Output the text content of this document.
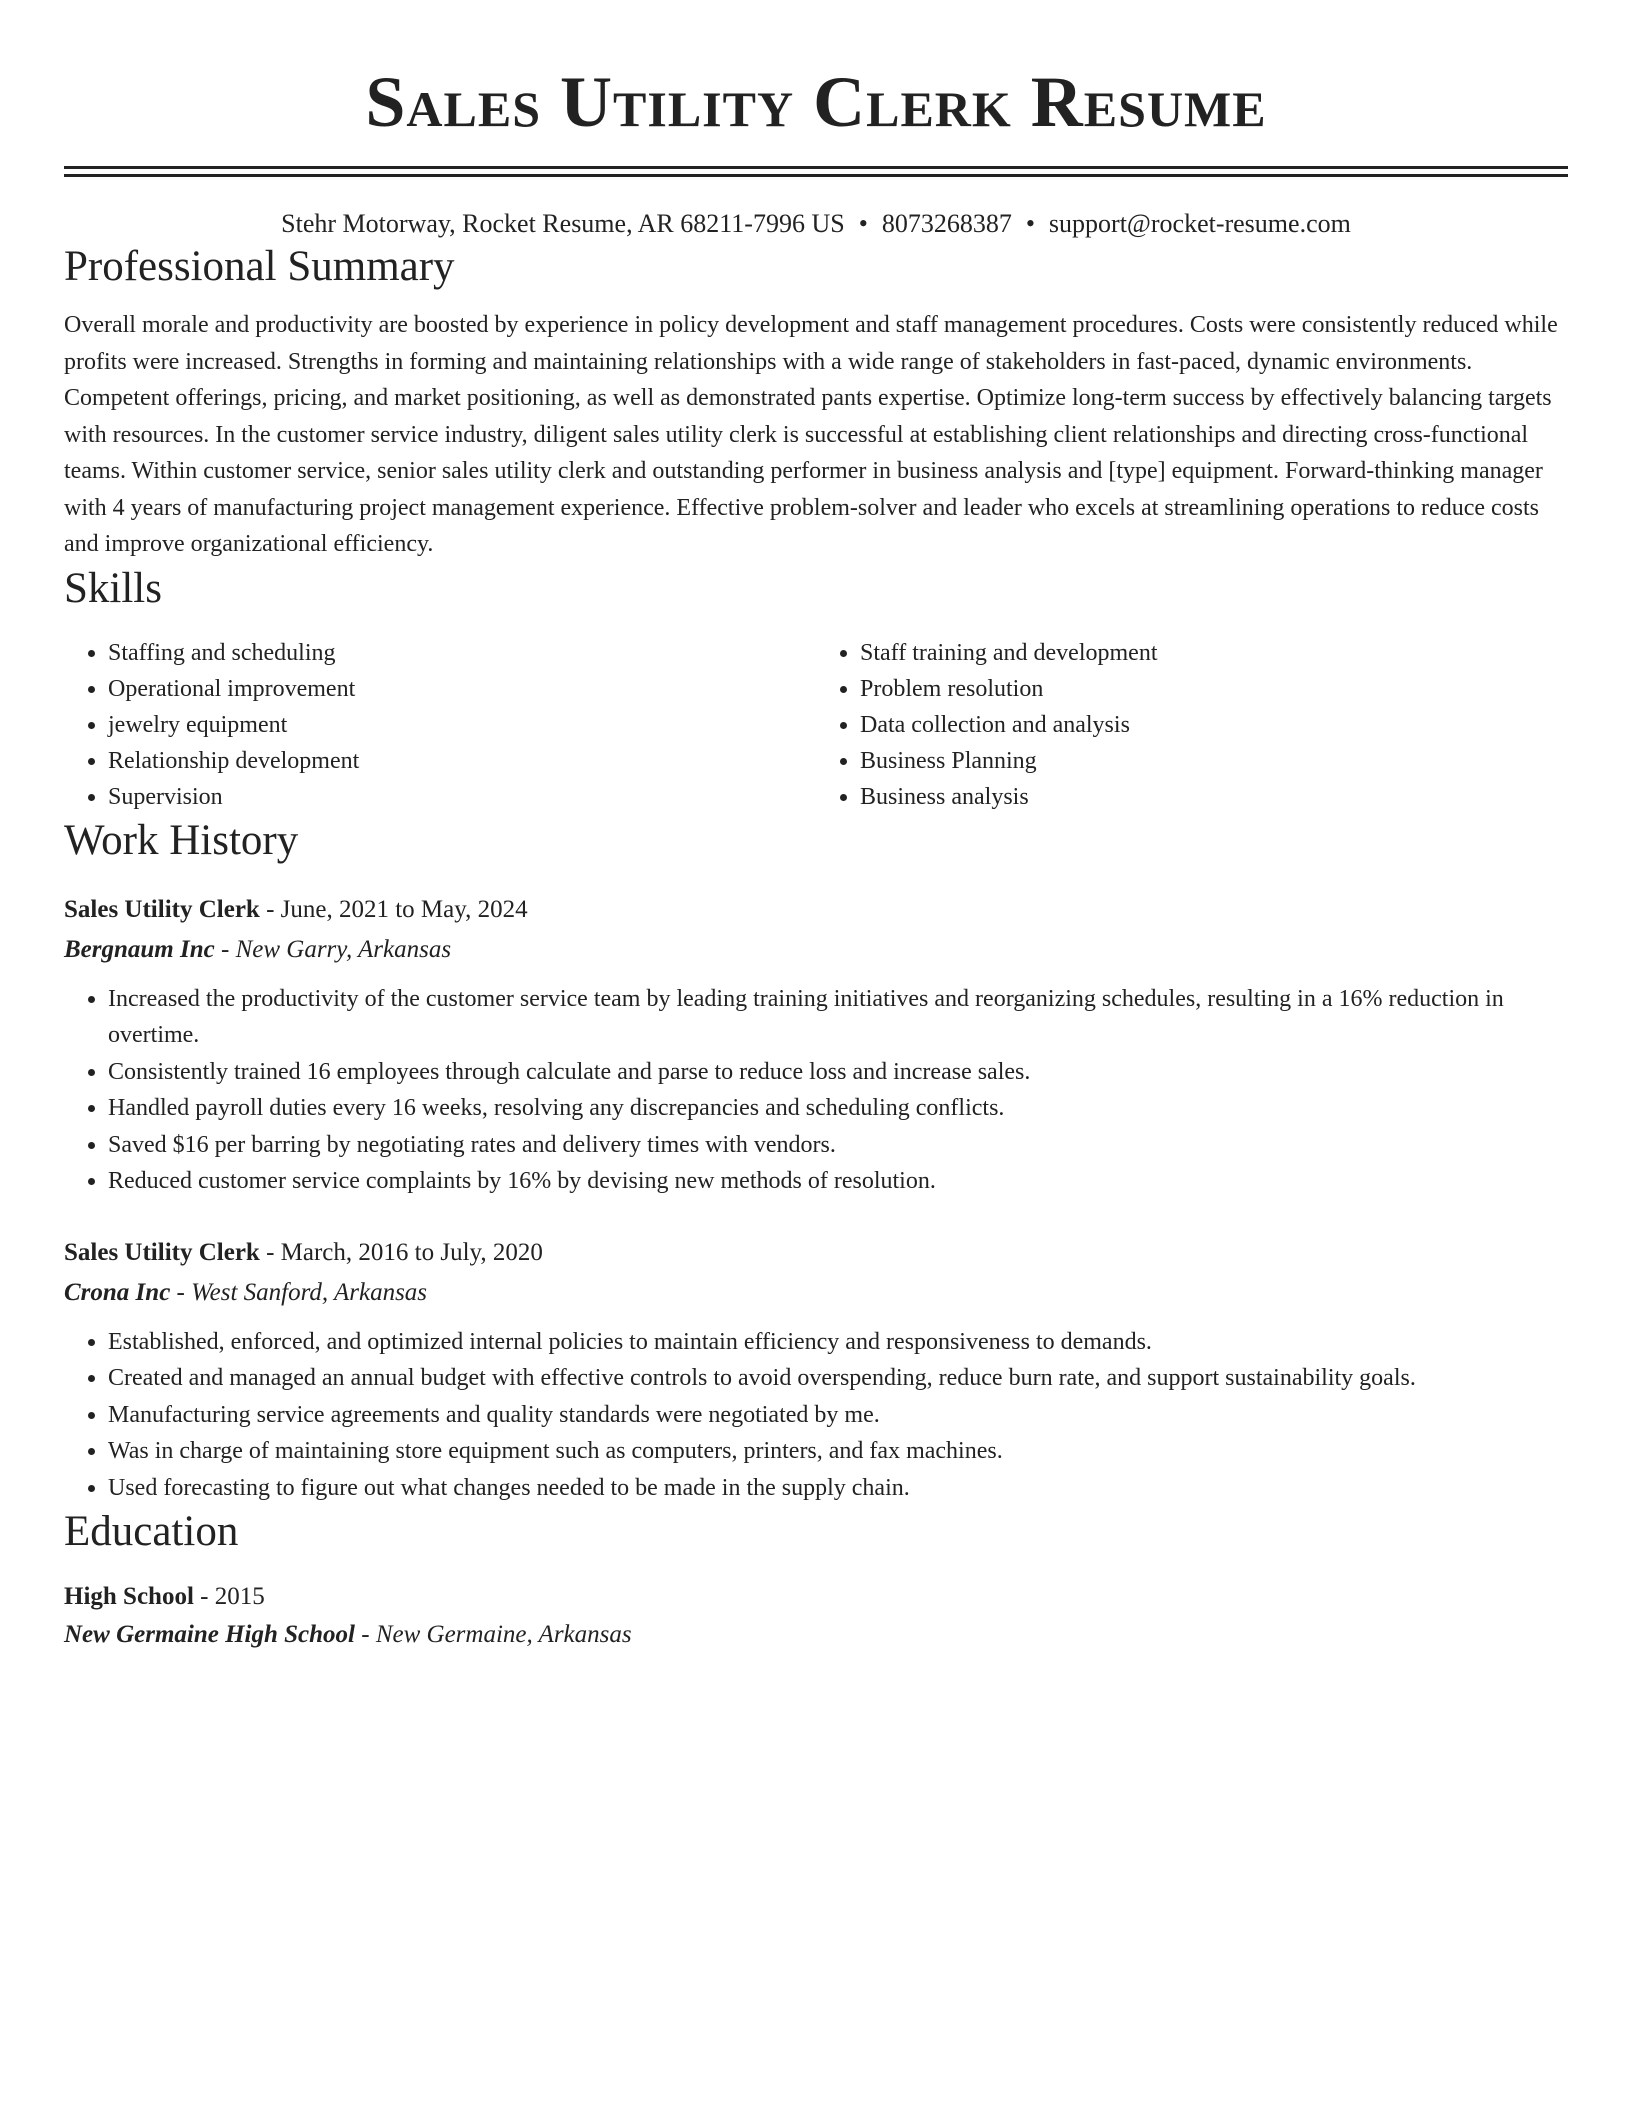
Sales Utility Clerk Resume
Stehr Motorway, Rocket Resume, AR 68211-7996 US • 8073268387 • support@rocket-resume.com
Professional Summary

Overall morale and productivity are boosted by experience in policy development and staff management procedures. Costs were consistently reduced while profits were increased. Strengths in forming and maintaining relationships with a wide range of stakeholders in fast-paced, dynamic environments. Competent offerings, pricing, and market positioning, as well as demonstrated pants expertise. Optimize long-term success by effectively balancing targets with resources. In the customer service industry, diligent sales utility clerk is successful at establishing client relationships and directing cross-functional teams. Within customer service, senior sales utility clerk and outstanding performer in business analysis and [type] equipment. Forward-thinking manager with 4 years of manufacturing project management experience. Effective problem-solver and leader who excels at streamlining operations to reduce costs and improve organizational efficiency.

Skills
• Staffing and scheduling
• Operational improvement
• jewelry equipment
• Relationship development
• Supervision
• Staff training and development
• Problem resolution
• Data collection and analysis
• Business Planning
• Business analysis
Work History
Sales Utility Clerk - June, 2021 to May, 2024
Bergnaum Inc - New Garry, Arkansas
• Increased the productivity of the customer service team by leading training initiatives and reorganizing schedules, resulting in a 16% reduction in overtime.
• Consistently trained 16 employees through calculate and parse to reduce loss and increase sales.
• Handled payroll duties every 16 weeks, resolving any discrepancies and scheduling conflicts.
• Saved $16 per barring by negotiating rates and delivery times with vendors.
• Reduced customer service complaints by 16% by devising new methods of resolution.
Sales Utility Clerk - March, 2016 to July, 2020
Crona Inc - West Sanford, Arkansas
• Established, enforced, and optimized internal policies to maintain efficiency and responsiveness to demands.
• Created and managed an annual budget with effective controls to avoid overspending, reduce burn rate, and support sustainability goals.
• Manufacturing service agreements and quality standards were negotiated by me.
• Was in charge of maintaining store equipment such as computers, printers, and fax machines.
• Used forecasting to figure out what changes needed to be made in the supply chain.
Education
High School - 2015
New Germaine High School - New Germaine, Arkansas
